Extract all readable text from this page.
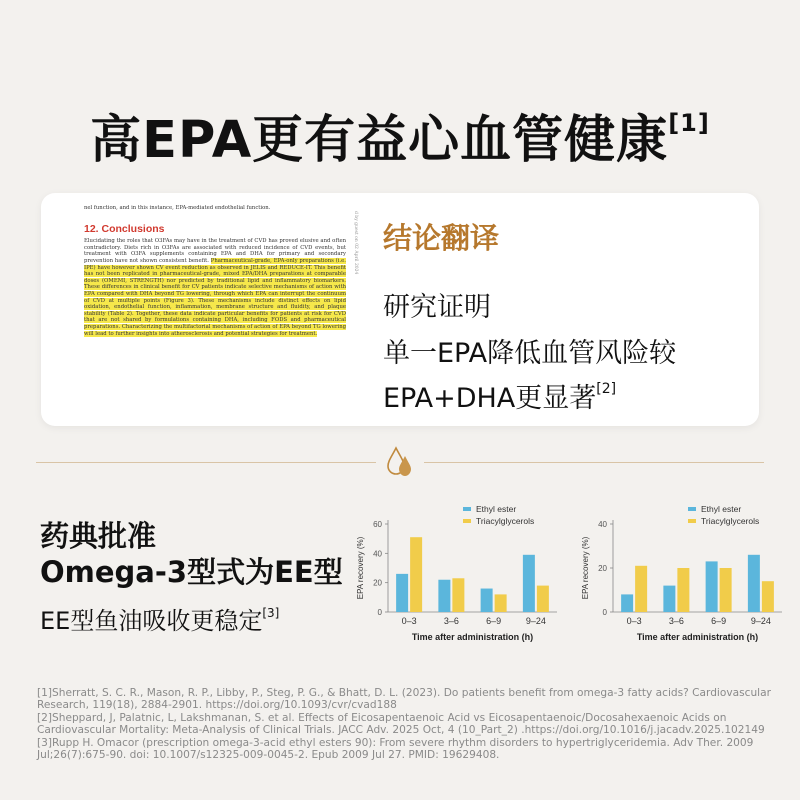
高EPA更有益心血管健康[1]
nel function, and in this instance, EPA-mediated endothelial function.
12. Conclusions

Elucidating the roles that O3FAs may have in the treatment of CVD has proved elusive and often contradictory. Diets rich in O3FAs are associated with reduced incidence of CVD events, but treatment with O3FA supplements containing EPA and DHA for primary and secondary prevention have not shown consistent benefit. Pharmaceutical-grade, EPA-only preparations (i.e. IPE) have however shown CV event reduction as observed in JELIS and REDUCE-IT. This benefit has not been replicated in pharmaceutical-grade, mixed EPA/DHA preparations at comparable doses (OMEMI, STRENGTH) nor predicted by traditional lipid and inflammatory biomarkers. These differences in clinical benefit for CV patients indicate selective mechanisms of action with EPA compared with DHA beyond TG lowering, through which EPA can interrupt the continuum of CVD at multiple points (Figure 3). These mechanisms include distinct effects on lipid oxidation, endothelial function, inflammation, membrane structure and fluidity, and plaque stability (Table 2). Together, these data indicate particular benefits for patients at risk for CVD that are not shared by formulations containing DHA, including FODS and pharmaceutical preparations. Characterizing the multifactorial mechanisms of action of EPA beyond TG lowering will lead to further insights into atherosclerosis and potential strategies for treatment.

d by guest on 02 April 2024 结论翻译
研究证明
单一EPA降低血管风险较
EPA+DHA更显著[2]
药典批准
Omega-3型式为EE型
EE型鱼油吸收更稳定[3]	0
20
40
60
EPA recovery (%)
0–3	3–6	6–9	9–24
Time after administration (h)
Ethyl ester
Triacylglycerols
0
20
40
EPA recovery (%)
0–3	3–6	6–9	9–24
Time after administration (h)
Ethyl ester
Triacylglycerols
[1]Sherratt, S. C. R., Mason, R. P., Libby, P., Steg, P. G., & Bhatt, D. L. (2023). Do patients benefit from omega-3 fatty acids? Cardiovascular Research, 119(18), 2884-2901. https://doi.org/10.1093/cvr/cvad188
[2]Sheppard, J, Palatnic, L, Lakshmanan, S. et al. Effects of Eicosapentaenoic Acid vs Eicosapentaenoic/Docosahexaenoic Acids on Cardiovascular Mortality: Meta-Analysis of Clinical Trials. JACC Adv. 2025 Oct, 4 (10_Part_2) .https://doi.org/10.1016/j.jacadv.2025.102149
[3]Rupp H. Omacor (prescription omega-3-acid ethyl esters 90): From severe rhythm disorders to hypertriglyceridemia. Adv Ther. 2009 Jul;26(7):675-90. doi: 10.1007/s12325-009-0045-2. Epub 2009 Jul 27. PMID: 19629408.
